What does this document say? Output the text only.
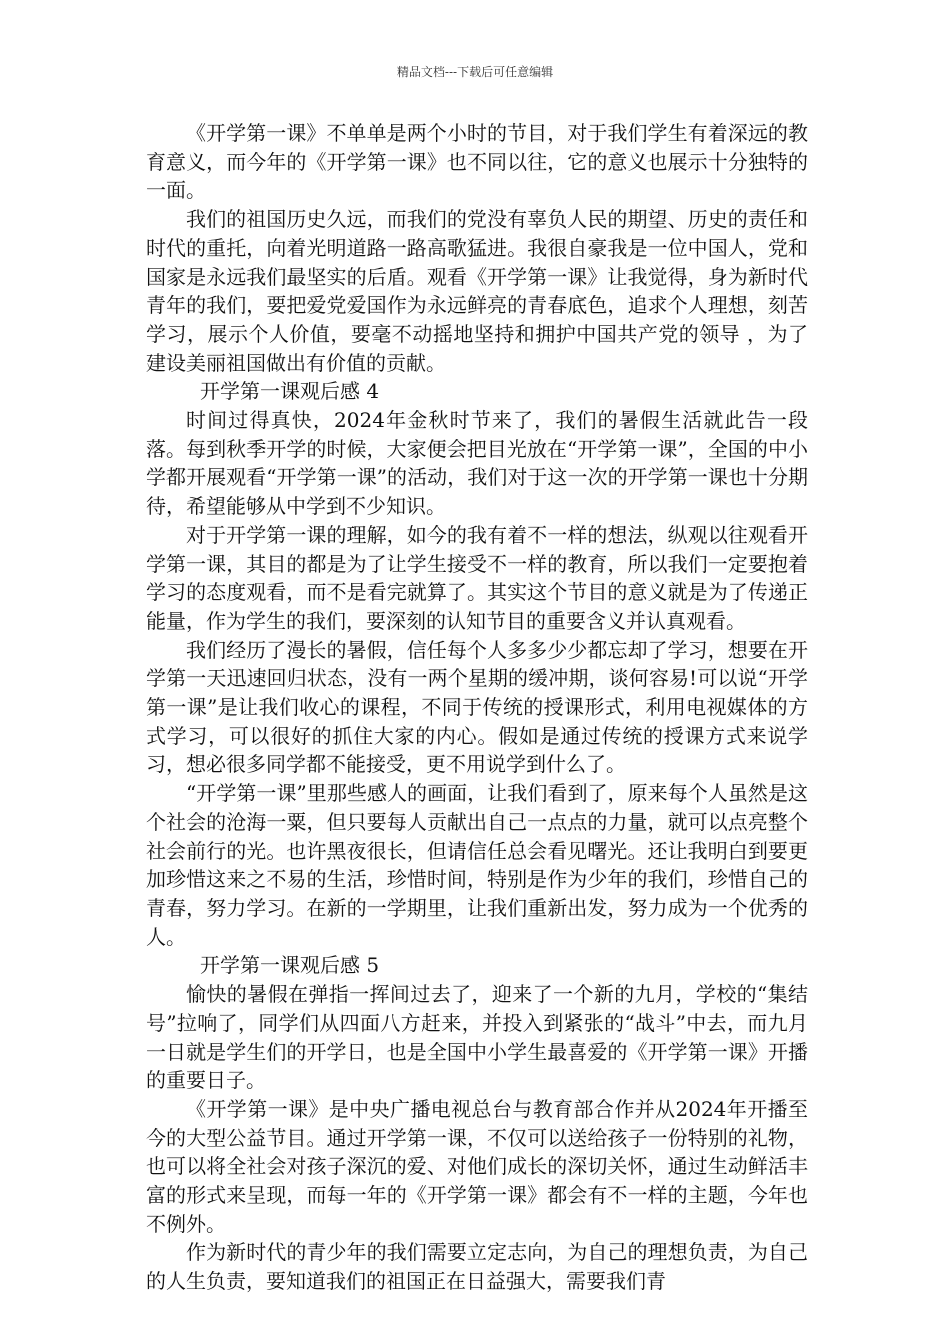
精品文档---下载后可任意编辑

《开学第一课》不单单是两个小时的节目，对于我们学生有着深远的教育意义，而今年的《开学第一课》也不同以往，它的意义也展示十分独特的一面。

我们的祖国历史久远，而我们的党没有辜负人民的期望、历史的责任和时代的重托，向着光明道路一路高歌猛进。我很自豪我是一位中国人，党和国家是永远我们最坚实的后盾。观看《开学第一课》让我觉得，身为新时代青年的我们，要把爱党爱国作为永远鲜亮的青春底色，追求个人理想，刻苦学习，展示个人价值，要毫不动摇地坚持和拥护中国共产党的领导 ，为了建设美丽祖国做出有价值的贡献。

开学第一课观后感 4

时间过得真快，2024年金秋时节来了，我们的暑假生活就此告一段落。每到秋季开学的时候，大家便会把目光放在“开学第一课”，全国的中小学都开展观看“开学第一课”的活动，我们对于这一次的开学第一课也十分期待，希望能够从中学到不少知识。

对于开学第一课的理解，如今的我有着不一样的想法，纵观以往观看开学第一课，其目的都是为了让学生接受不一样的教育，所以我们一定要抱着学习的态度观看，而不是看完就算了。其实这个节目的意义就是为了传递正能量，作为学生的我们，要深刻的认知节目的重要含义并认真观看。

我们经历了漫长的暑假，信任每个人多多少少都忘却了学习，想要在开学第一天迅速回归状态，没有一两个星期的缓冲期，谈何容易!可以说“开学第一课”是让我们收心的课程，不同于传统的授课形式，利用电视媒体的方式学习，可以很好的抓住大家的内心。假如是通过传统的授课方式来说学习，想必很多同学都不能接受，更不用说学到什么了。

“开学第一课”里那些感人的画面，让我们看到了，原来每个人虽然是这个社会的沧海一粟，但只要每人贡献出自己一点点的力量，就可以点亮整个社会前行的光。也许黑夜很长，但请信任总会看见曙光。还让我明白到要更加珍惜这来之不易的生活，珍惜时间，特别是作为少年的我们，珍惜自己的青春，努力学习。在新的一学期里，让我们重新出发，努力成为一个优秀的人。

开学第一课观后感 5

愉快的暑假在弹指一挥间过去了，迎来了一个新的九月，学校的“集结号”拉响了，同学们从四面八方赶来，并投入到紧张的“战斗”中去，而九月一日就是学生们的开学日，也是全国中小学生最喜爱的《开学第一课》开播的重要日子。

《开学第一课》是中央广播电视总台与教育部合作并从2024年开播至今的大型公益节目。通过开学第一课，不仅可以送给孩子一份特别的礼物，也可以将全社会对孩子深沉的爱、对他们成长的深切关怀，通过生动鲜活丰富的形式来呈现，而每一年的《开学第一课》都会有不一样的主题，今年也不例外。

作为新时代的青少年的我们需要立定志向，为自己的理想负责，为自己的人生负责，要知道我们的祖国正在日益强大，需要我们青
